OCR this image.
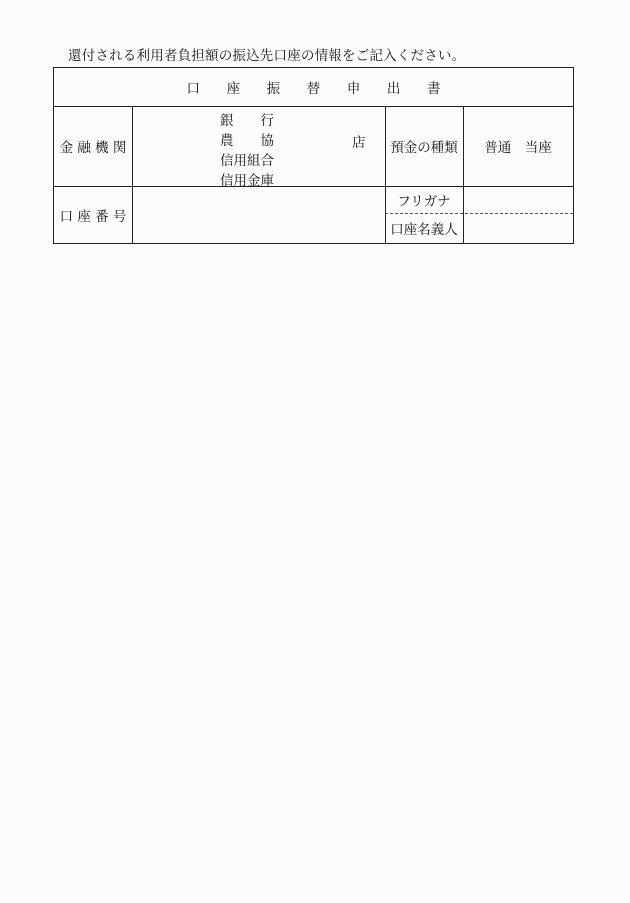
還付される利用者負担額の振込先口座の情報をご記入ください。
口 座 振 替 申 出 書
金 融 機 関
銀　　行
農　　協
信用組合
信用金庫
店	預金の種類	普通　当座
口 座 番 号
フリガナ
口座名義人
